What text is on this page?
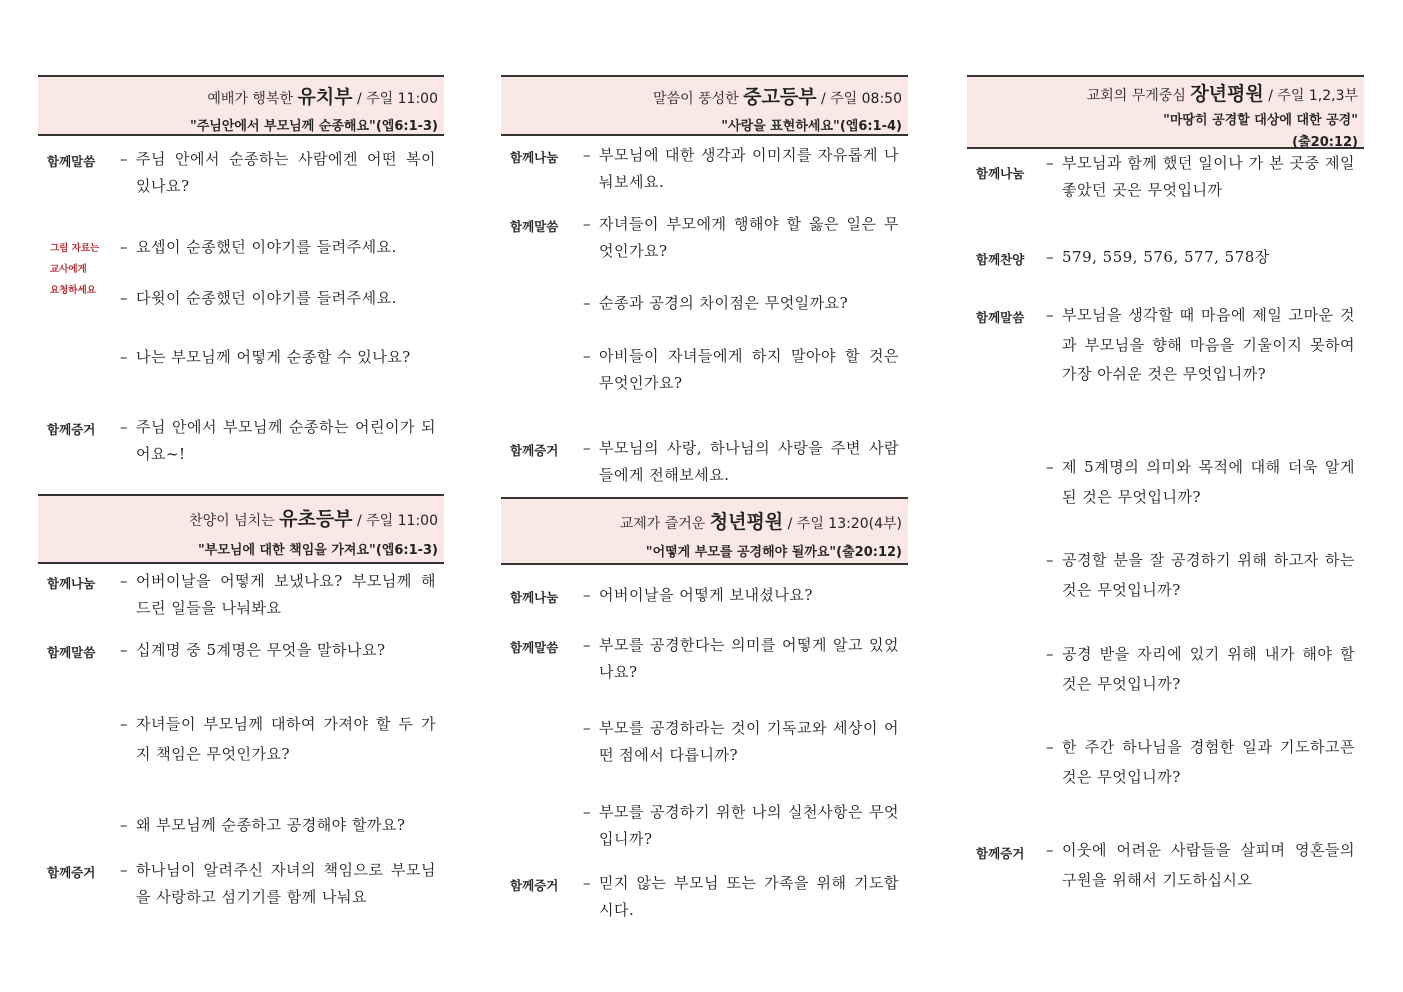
예배가 행복한 유치부 / 주일 11:00
"주님안에서 부모님께 순종해요"(엡6:1-3)
함께말씀 – 주님 안에서 순종하는 사람에겐 어떤 복이 있나요?
그림 자료는
교사에게
요청하세요
– 요셉이 순종했던 이야기를 들려주세요.
– 다윗이 순종했던 이야기를 들려주세요.
– 나는 부모님께 어떻게 순종할 수 있나요?
함께증거 – 주님 안에서 부모님께 순종하는 어린이가 되어요~!
찬양이 넘치는 유초등부 / 주일 11:00
"부모님에 대한 책임을 가져요"(엡6:1-3)
함께나눔 – 어버이날을 어떻게 보냈나요? 부모님께 해 드린 일들을 나눠봐요
함께말씀 – 십계명 중 5계명은 무엇을 말하나요?
– 자녀들이 부모님께 대하여 가져야 할 두 가지 책임은 무엇인가요?
– 왜 부모님께 순종하고 공경해야 할까요?
함께증거 – 하나님이 알려주신 자녀의 책임으로 부모님을 사랑하고 섬기기를 함께 나눠요
말씀이 풍성한 중고등부 / 주일 08:50
"사랑을 표현하세요"(엡6:1-4)
함께나눔 – 부모님에 대한 생각과 이미지를 자유롭게 나눠보세요.
함께말씀 – 자녀들이 부모에게 행해야 할 옳은 일은 무엇인가요?
– 순종과 공경의 차이점은 무엇일까요?
– 아비들이 자녀들에게 하지 말아야 할 것은 무엇인가요?
함께증거 – 부모님의 사랑, 하나님의 사랑을 주변 사람들에게 전해보세요.
교제가 즐거운 청년평원 / 주일 13:20(4부)
"어떻게 부모를 공경해야 될까요"(출20:12)
함께나눔 – 어버이날을 어떻게 보내셨나요?
함께말씀 – 부모를 공경한다는 의미를 어떻게 알고 있었나요?
– 부모를 공경하라는 것이 기독교와 세상이 어떤 점에서 다릅니까?
– 부모를 공경하기 위한 나의 실천사항은 무엇입니까?
함께증거 – 믿지 않는 부모님 또는 가족을 위해 기도합시다.
교회의 무게중심 장년평원 / 주일 1,2,3부
"마땅히 공경할 대상에 대한 공경"
(출20:12)
함께나눔
– 부모님과 함께 했던 일이나 가 본 곳중 제일 좋았던 곳은 무엇입니까
함께찬양 – 579, 559, 576, 577, 578장
함께말씀 – 부모님을 생각할 때 마음에 제일 고마운 것과 부모님을 향해 마음을 기울이지 못하여 가장 아쉬운 것은 무엇입니까?
– 제 5계명의 의미와 목적에 대해 더욱 알게 된 것은 무엇입니까?
– 공경할 분을 잘 공경하기 위해 하고자 하는 것은 무엇입니까?
– 공경 받을 자리에 있기 위해 내가 해야 할 것은 무엇입니까?
– 한 주간 하나님을 경험한 일과 기도하고픈 것은 무엇입니까?
함께증거 – 이웃에 어려운 사람들을 살피며 영혼들의 구원을 위해서 기도하십시오
